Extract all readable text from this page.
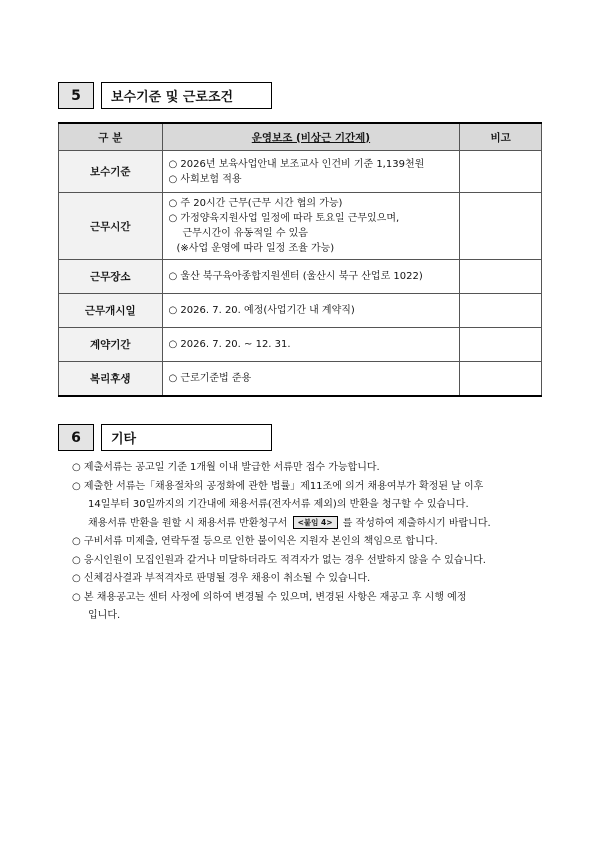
5	보수기준 및 근로조건
구 분	운영보조 (비상근 기간제)	비고
보수기준	○ 2026년 보육사업안내 보조교사 인건비 기준 1,139천원
○ 사회보험 적용	

근무시간	○ 주 20시간 근무(근무 시간 협의 가능)
○ 가정양육지원사업 일정에 따라 토요일 근무있으며,
근무시간이 유동적일 수 있음
(※사업 운영에 따라 일정 조율 가능)	

근무장소	○ 울산 북구육아종합지원센터 (울산시 북구 산업로 1022)	

근무개시일	○ 2026. 7. 20. 예정(사업기간 내 계약직)	

계약기간	○ 2026. 7. 20. ~ 12. 31.	

복리후생	○ 근로기준법 준용	

6	기타
○ 제출서류는 공고일 기준 1개월 이내 발급한 서류만 접수 가능합니다.
○ 제출한 서류는「채용절차의 공정화에 관한 법률」제11조에 의거 채용여부가 확정된 날 이후
14일부터 30일까지의 기간내에 채용서류(전자서류 제외)의 반환을 청구할 수 있습니다.
채용서류 반환을 원할 시 채용서류 반환청구서 <붙임 4> 를 작성하여 제출하시기 바랍니다.
○ 구비서류 미제출, 연락두절 등으로 인한 불이익은 지원자 본인의 책임으로 합니다.
○ 응시인원이 모집인원과 같거나 미달하더라도 적격자가 없는 경우 선발하지 않을 수 있습니다.
○ 신체검사결과 부적격자로 판명될 경우 채용이 취소될 수 있습니다.
○ 본 채용공고는 센터 사정에 의하여 변경될 수 있으며, 변경된 사항은 재공고 후 시행 예정
입니다.
